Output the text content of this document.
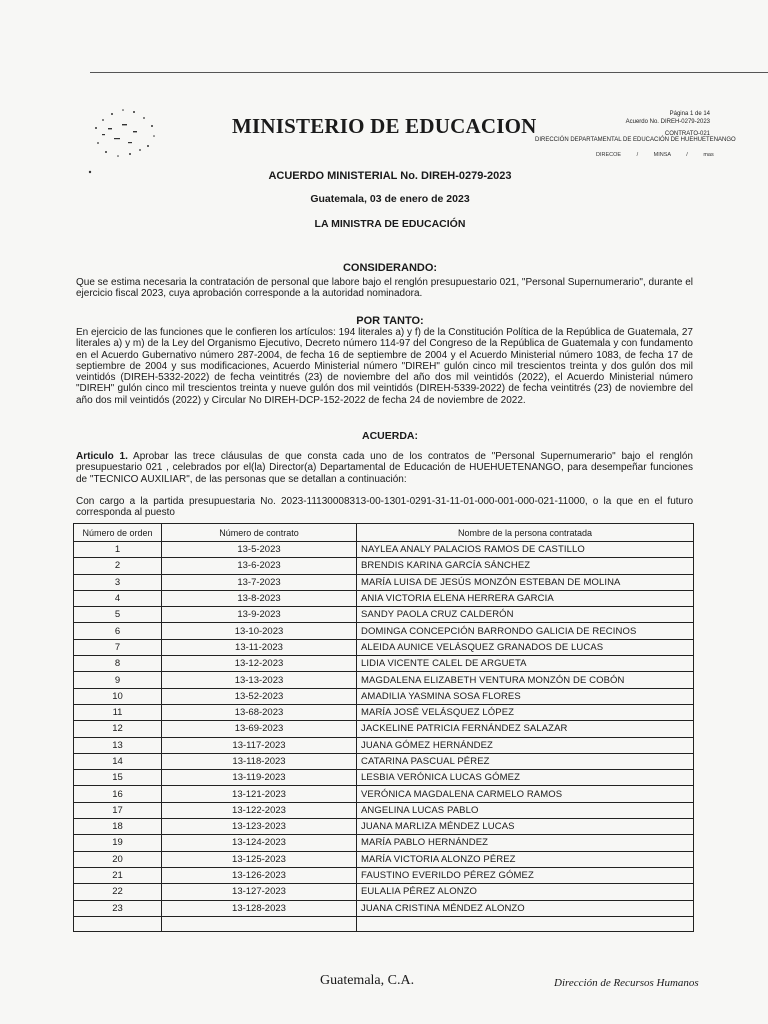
MINISTERIO DE EDUCACION	Página 1 de 14
Acuerdo No. DIREH-0279-2023
CONTRATO-021
DIRECCIÓN DEPARTAMENTAL DE EDUCACIÓN DE HUEHUETENANGO
DIRECOE / MINSA / mas
ACUERDO MINISTERIAL No. DIREH-0279-2023
Guatemala, 03 de enero de 2023
LA MINISTRA DE EDUCACIÓN
CONSIDERANDO:
Que se estima necesaria la contratación de personal que labore bajo el renglón presupuestario 021, "Personal Supernumerario", durante el ejercicio fiscal 2023, cuya aprobación corresponde a la autoridad nominadora.
POR TANTO:
En ejercicio de las funciones que le confieren los artículos: 194 literales a) y f) de la Constitución Política de la República de Guatemala, 27 literales a) y m) de la Ley del Organismo Ejecutivo, Decreto número 114-97 del Congreso de la República de Guatemala y con fundamento en el Acuerdo Gubernativo número 287-2004, de fecha 16 de septiembre de 2004 y el Acuerdo Ministerial número 1083, de fecha 17 de septiembre de 2004 y sus modificaciones, Acuerdo Ministerial número "DIREH" gulón cinco mil trescientos treinta y dos gulón dos mil veintidós (DIREH-5332-2022) de fecha veintitrés (23) de noviembre del año dos mil veintidós (2022), el Acuerdo Ministerial número "DIREH" gulón cinco mil trescientos treinta y nueve gulón dos mil veintidós (DIREH-5339-2022) de fecha veintitrés (23) de noviembre del año dos mil veintidós (2022) y Circular No DIREH-DCP-152-2022 de fecha 24 de noviembre de 2022.
ACUERDA:
Articulo 1. Aprobar las trece cláusulas de que consta cada uno de los contratos de "Personal Supernumerario" bajo el renglón presupuestario 021 , celebrados por el(la) Director(a) Departamental de Educación de HUEHUETENANGO, para desempeñar funciones de "TECNICO AUXILIAR", de las personas que se detallan a continuación:
Con cargo a la partida presupuestaria No. 2023-11130008313-00-1301-0291-31-11-01-000-001-000-021-11000, o la que en el futuro corresponda al puesto
Número de orden	Número de contrato	Nombre de la persona contratada
1	13-5-2023	NAYLEA ANALY PALACIOS RAMOS DE CASTILLO
2	13-6-2023	BRENDIS KARINA GARCÍA SÁNCHEZ
3	13-7-2023	MARÍA LUISA DE JESÚS MONZÓN ESTEBAN DE MOLINA
4	13-8-2023	ANIA VICTORIA ELENA HERRERA GARCIA
5	13-9-2023	SANDY PAOLA CRUZ CALDERÓN
6	13-10-2023	DOMINGA CONCEPCIÓN BARRONDO GALICIA DE RECINOS
7	13-11-2023	ALEIDA AUNICE VELÁSQUEZ GRANADOS DE LUCAS
8	13-12-2023	LIDIA VICENTE CALEL DE ARGUETA
9	13-13-2023	MAGDALENA ELIZABETH VENTURA MONZÓN DE COBÓN
10	13-52-2023	AMADILIA YASMINA SOSA FLORES
11	13-68-2023	MARÍA JOSÉ VELÁSQUEZ LÓPEZ
12	13-69-2023	JACKELINE PATRICIA FERNÁNDEZ SALAZAR
13	13-117-2023	JUANA GÓMEZ HERNÁNDEZ
14	13-118-2023	CATARINA PASCUAL PÉREZ
15	13-119-2023	LESBIA VERÓNICA LUCAS GÓMEZ
16	13-121-2023	VERÓNICA MAGDALENA CARMELO RAMOS
17	13-122-2023	ANGELINA LUCAS PABLO
18	13-123-2023	JUANA MARLIZA MÉNDEZ LUCAS
19	13-124-2023	MARÍA PABLO HERNÁNDEZ
20	13-125-2023	MARÍA VICTORIA ALONZO PÉREZ
21	13-126-2023	FAUSTINO EVERILDO PÉREZ GÓMEZ
22	13-127-2023	EULALIA PÉREZ ALONZO
23	13-128-2023	JUANA CRISTINA MÉNDEZ ALONZO

Guatemala, C.A.	Dirección de Recursos Humanos
